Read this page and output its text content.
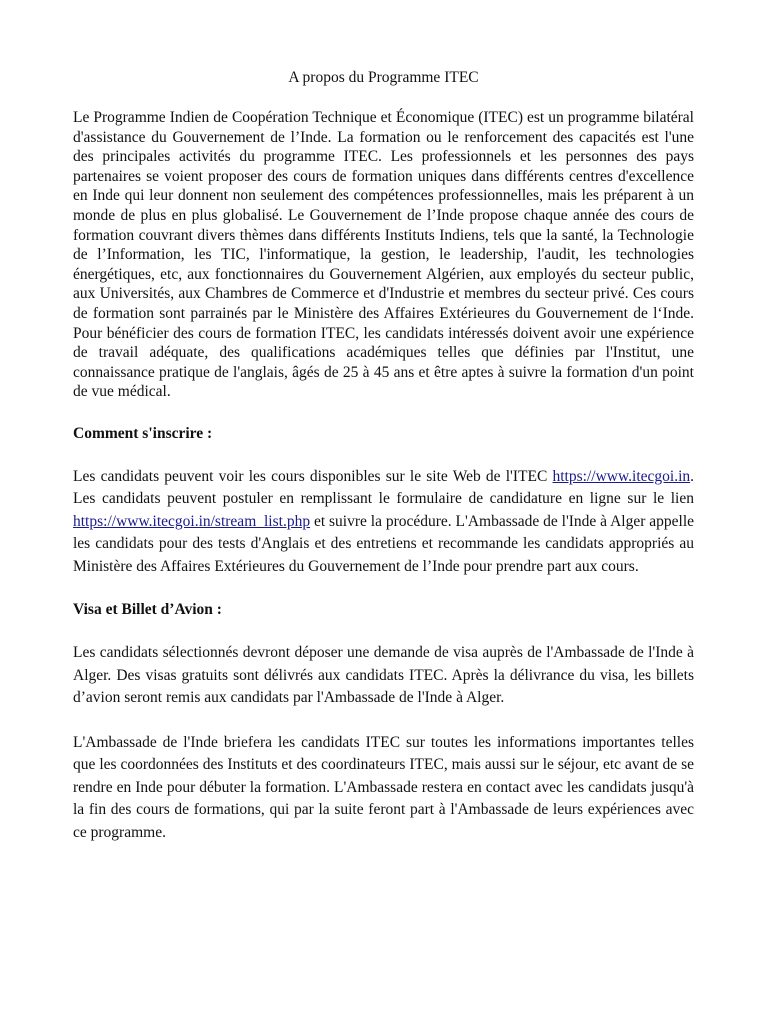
A propos du Programme ITEC

Le Programme Indien de Coopération Technique et Économique (ITEC) est un programme bilatéral d'assistance du Gouvernement de l’Inde. La formation ou le renforcement des capacités est l'une des principales activités du programme ITEC. Les professionnels et les personnes des pays partenaires se voient proposer des cours de formation uniques dans différents centres d'excellence en Inde qui leur donnent non seulement des compétences professionnelles, mais les préparent à un monde de plus en plus globalisé. Le Gouvernement de l’Inde propose chaque année des cours de formation couvrant divers thèmes dans différents Instituts Indiens, tels que la santé, la Technologie de l’Information, les TIC, l'informatique, la gestion, le leadership, l'audit, les technologies énergétiques, etc, aux fonctionnaires du Gouvernement Algérien, aux employés du secteur public, aux Universités, aux Chambres de Commerce et d'Industrie et membres du secteur privé. Ces cours de formation sont parrainés par le Ministère des Affaires Extérieures du Gouvernement de l‘Inde. Pour bénéficier des cours de formation ITEC, les candidats intéressés doivent avoir une expérience de travail adéquate, des qualifications académiques telles que définies par l'Institut, une connaissance pratique de l'anglais, âgés de 25 à 45 ans et être aptes à suivre la formation d'un point de vue médical.

Comment s'inscrire :

Les candidats peuvent voir les cours disponibles sur le site Web de l'ITEC https://www.itecgoi.in. Les candidats peuvent postuler en remplissant le formulaire de candidature en ligne sur le lien https://www.itecgoi.in/stream_list.php et suivre la procédure. L'Ambassade de l'Inde à Alger appelle les candidats pour des tests d'Anglais et des entretiens et recommande les candidats appropriés au Ministère des Affaires Extérieures du Gouvernement de l’Inde pour prendre part aux cours.

Visa et Billet d’Avion :

Les candidats sélectionnés devront déposer une demande de visa auprès de l'Ambassade de l'Inde à Alger. Des visas gratuits sont délivrés aux candidats ITEC. Après la délivrance du visa, les billets d’avion seront remis aux candidats par l'Ambassade de l'Inde à Alger.

L'Ambassade de l'Inde briefera les candidats ITEC sur toutes les informations importantes telles que les coordonnées des Instituts et des coordinateurs ITEC, mais aussi sur le séjour, etc avant de se rendre en Inde pour débuter la formation. L'Ambassade restera en contact avec les candidats jusqu'à la fin des cours de formations, qui par la suite feront part à l'Ambassade de leurs expériences avec ce programme.
